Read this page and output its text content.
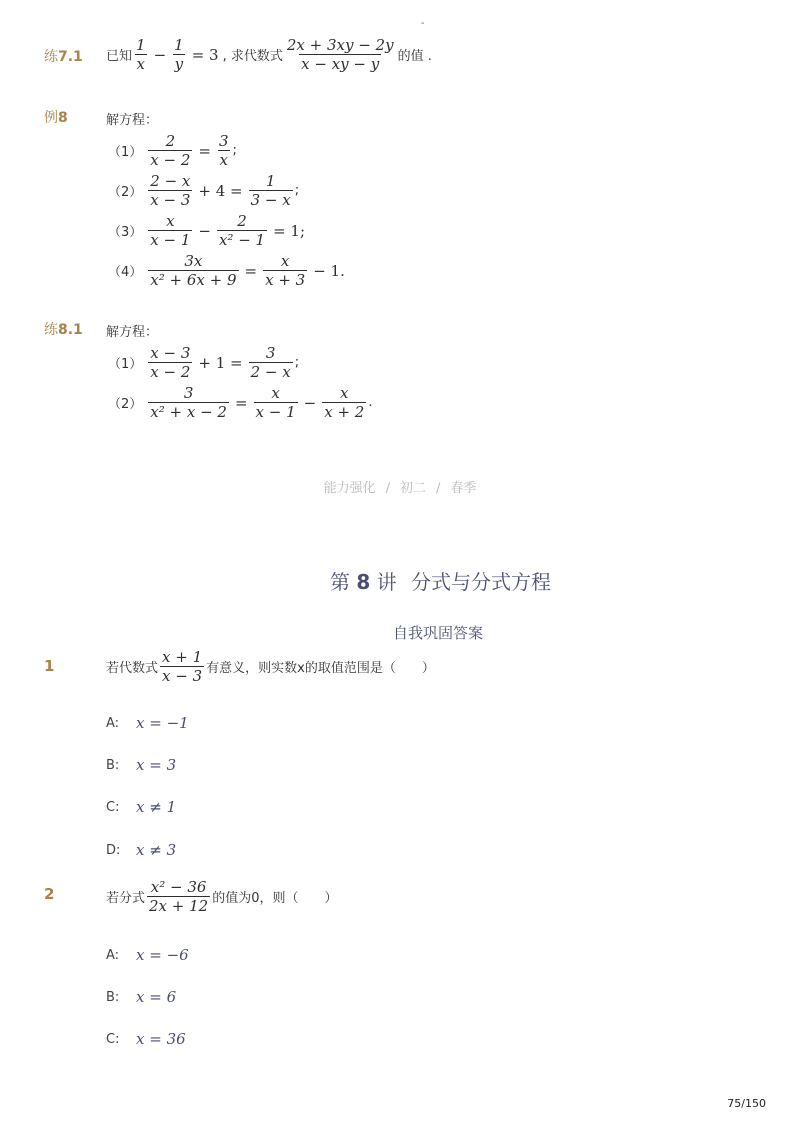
-
练7.1 已知 $\frac{1}{x} - \frac{1}{y} = 3$ , 求代数式 $\frac{2x + 3xy - 2y}{x - xy - y}$ 的值 .
例8	解方程：
$(1) \frac{2}{x - 2} = \frac{3}{x}$ ;
$(2) \frac{2 - x}{x - 3} + 4 = \frac{1}{3 - x}$ ;
$(3) \frac{x}{x - 1} - \frac{2}{\text{x² − 1}} = 1$;
$(4) \frac{3x}{\text{x² + 6x + 9}} = \frac{x}{x + 3} - 1$.
练8.1 解方程：
$(1) \frac{x - 3}{x - 2} + 1 = \frac{3}{2 - x}$ ;
$(2) \frac{3}{\text{x² + x − 2}} = \frac{x}{x - 1} - \frac{x}{x + 2}$ .
能力强化 / 初二 / 春季
第 8 讲 分式与分式方程
自我巩固答案
1	若代数式 $\frac{x + 1}{x - 3}$ 有意义，则实数x的取值范围是（　　）
A:	x = −1
B:	x = 3
C:	x ≠ 1
D:	x ≠ 3
2	若分式 $\frac{\text{x² − 36}}{2x + 12}$ 的值为0，则（　　）
A:	x = −6
B:	x = 6
C:	x = 36
75/150
